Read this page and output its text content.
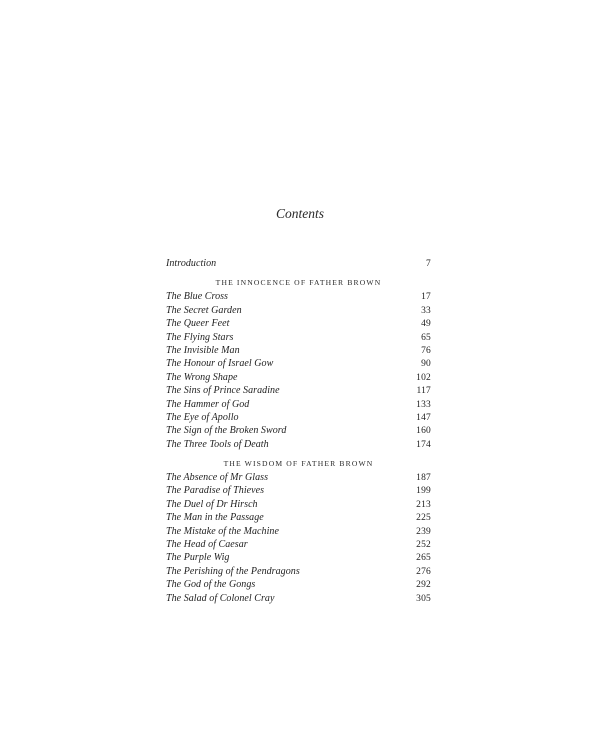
Contents
Introduction	7
THE INNOCENCE OF FATHER BROWN
The Blue Cross	17
The Secret Garden	33
The Queer Feet	49
The Flying Stars	65
The Invisible Man	76
The Honour of Israel Gow	90
The Wrong Shape	102
The Sins of Prince Saradine	117
The Hammer of God	133
The Eye of Apollo	147
The Sign of the Broken Sword	160
The Three Tools of Death	174
THE WISDOM OF FATHER BROWN
The Absence of Mr Glass	187
The Paradise of Thieves	199
The Duel of Dr Hirsch	213
The Man in the Passage	225
The Mistake of the Machine	239
The Head of Caesar	252
The Purple Wig	265
The Perishing of the Pendragons	276
The God of the Gongs	292
The Salad of Colonel Cray	305
